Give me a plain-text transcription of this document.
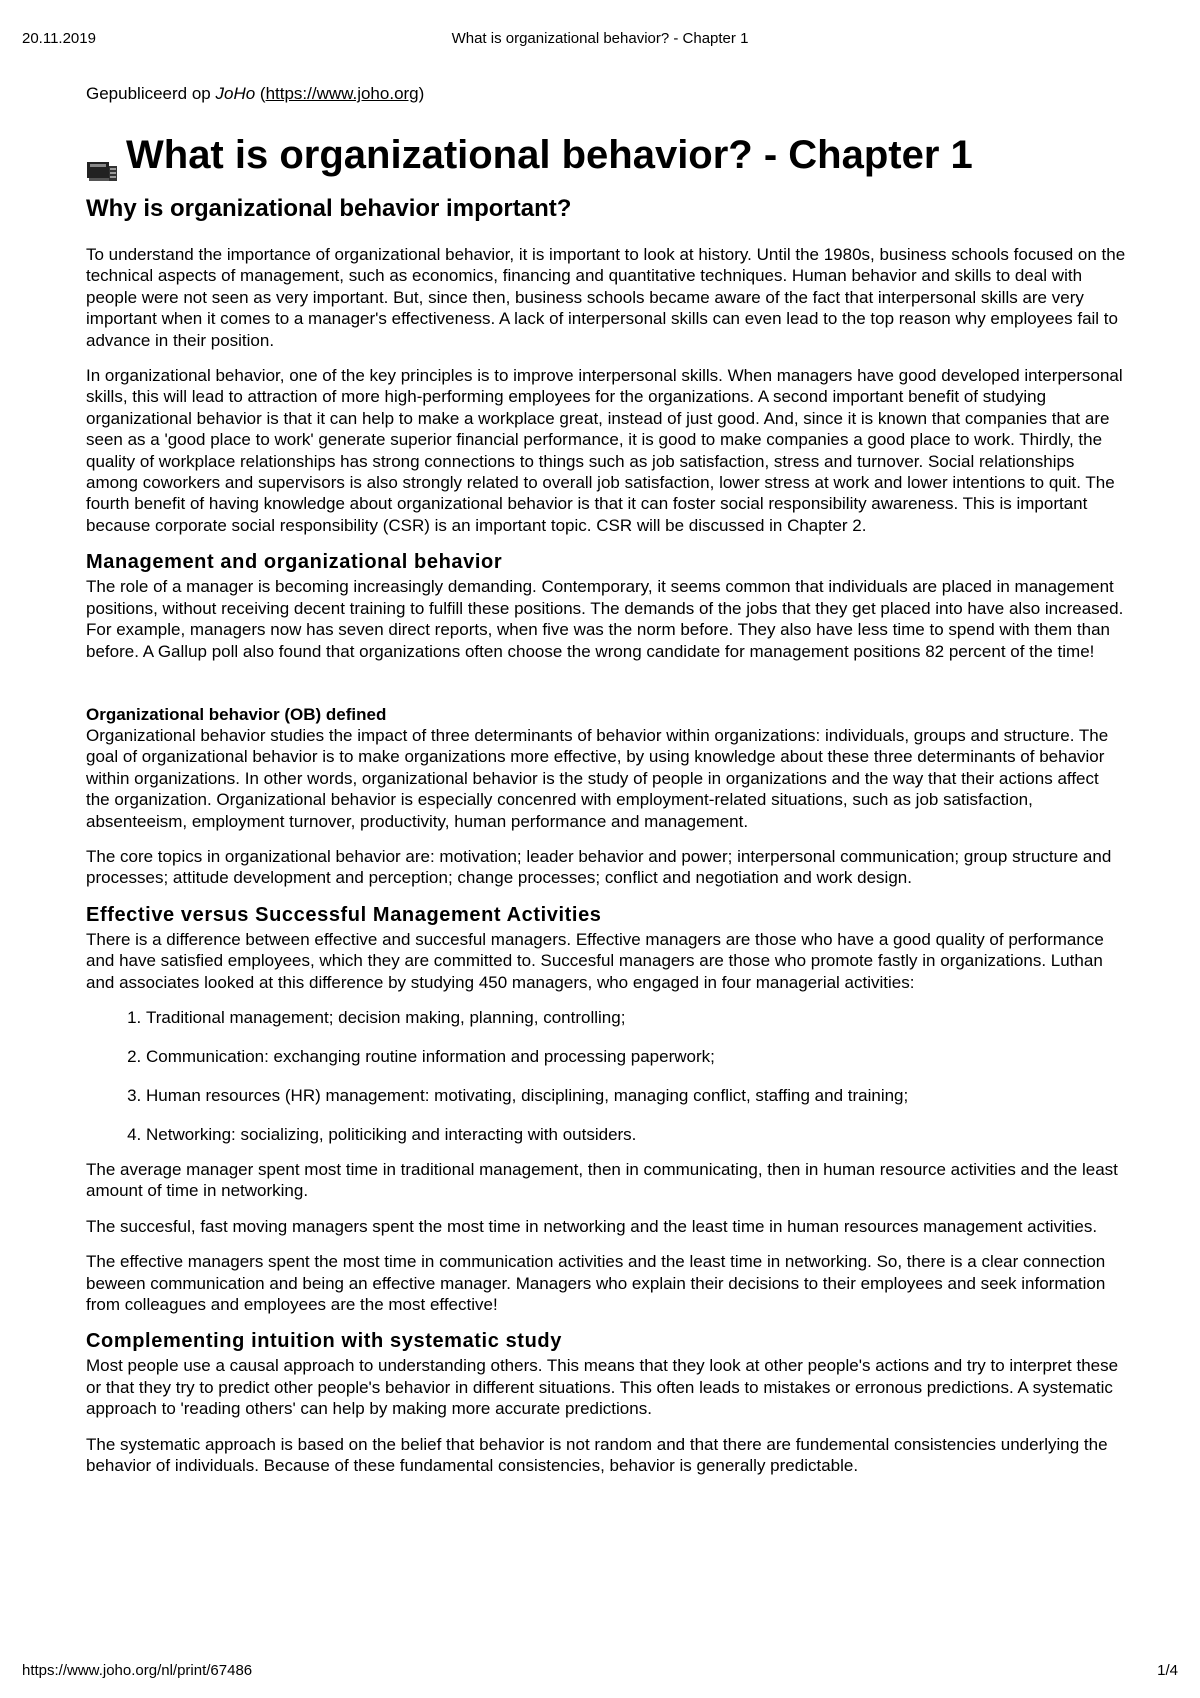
20.11.2019	What is organizational behavior? - Chapter 1
Gepubliceerd op JoHo (https://www.joho.org)
What is organizational behavior? - Chapter 1
Why is organizational behavior important?

To understand the importance of organizational behavior, it is important to look at history. Until the 1980s, business schools focused on the technical aspects of management, such as economics, financing and quantitative techniques. Human behavior and skills to deal with people were not seen as very important. But, since then, business schools became aware of the fact that interpersonal skills are very important when it comes to a manager's effectiveness. A lack of interpersonal skills can even lead to the top reason why employees fail to advance in their position.

In organizational behavior, one of the key principles is to improve interpersonal skills. When managers have good developed interpersonal skills, this will lead to attraction of more high-performing employees for the organizations. A second important benefit of studying organizational behavior is that it can help to make a workplace great, instead of just good. And, since it is known that companies that are seen as a 'good place to work' generate superior financial performance, it is good to make companies a good place to work. Thirdly, the quality of workplace relationships has strong connections to things such as job satisfaction, stress and turnover. Social relationships among coworkers and supervisors is also strongly related to overall job satisfaction, lower stress at work and lower intentions to quit. The fourth benefit of having knowledge about organizational behavior is that it can foster social responsibility awareness. This is important because corporate social responsibility (CSR) is an important topic. CSR will be discussed in Chapter 2.

Management and organizational behavior

The role of a manager is becoming increasingly demanding. Contemporary, it seems common that individuals are placed in management positions, without receiving decent training to fulfill these positions. The demands of the jobs that they get placed into have also increased. For example, managers now has seven direct reports, when five was the norm before. They also have less time to spend with them than before. A Gallup poll also found that organizations often choose the wrong candidate for management positions 82 percent of the time!

Organizational behavior (OB) defined

Organizational behavior studies the impact of three determinants of behavior within organizations: individuals, groups and structure. The goal of organizational behavior is to make organizations more effective, by using knowledge about these three determinants of behavior within organizations. In other words, organizational behavior is the study of people in organizations and the way that their actions affect the organization. Organizational behavior is especially concenred with employment-related situations, such as job satisfaction, absenteeism, employment turnover, productivity, human performance and management.

The core topics in organizational behavior are: motivation; leader behavior and power; interpersonal communication; group structure and processes; attitude development and perception; change processes; conflict and negotiation and work design.

Effective versus Successful Management Activities

There is a difference between effective and succesful managers. Effective managers are those who have a good quality of performance and have satisfied employees, which they are committed to. Succesful managers are those who promote fastly in organizations. Luthan and associates looked at this difference by studying 450 managers, who engaged in four managerial activities:

1. Traditional management; decision making, planning, controlling;
2. Communication: exchanging routine information and processing paperwork;
3. Human resources (HR) management: motivating, disciplining, managing conflict, staffing and training;
4. Networking: socializing, politiciking and interacting with outsiders.

The average manager spent most time in traditional management, then in communicating, then in human resource activities and the least amount of time in networking.

The succesful, fast moving managers spent the most time in networking and the least time in human resources management activities.

The effective managers spent the most time in communication activities and the least time in networking. So, there is a clear connection beween communication and being an effective manager. Managers who explain their decisions to their employees and seek information from colleagues and employees are the most effective!

Complementing intuition with systematic study

Most people use a causal approach to understanding others. This means that they look at other people's actions and try to interpret these or that they try to predict other people's behavior in different situations. This often leads to mistakes or erronous predictions. A systematic approach to 'reading others' can help by making more accurate predictions.

The systematic approach is based on the belief that behavior is not random and that there are fundemental consistencies underlying the behavior of individuals. Because of these fundamental consistencies, behavior is generally predictable.

https://www.joho.org/nl/print/67486	1/4
